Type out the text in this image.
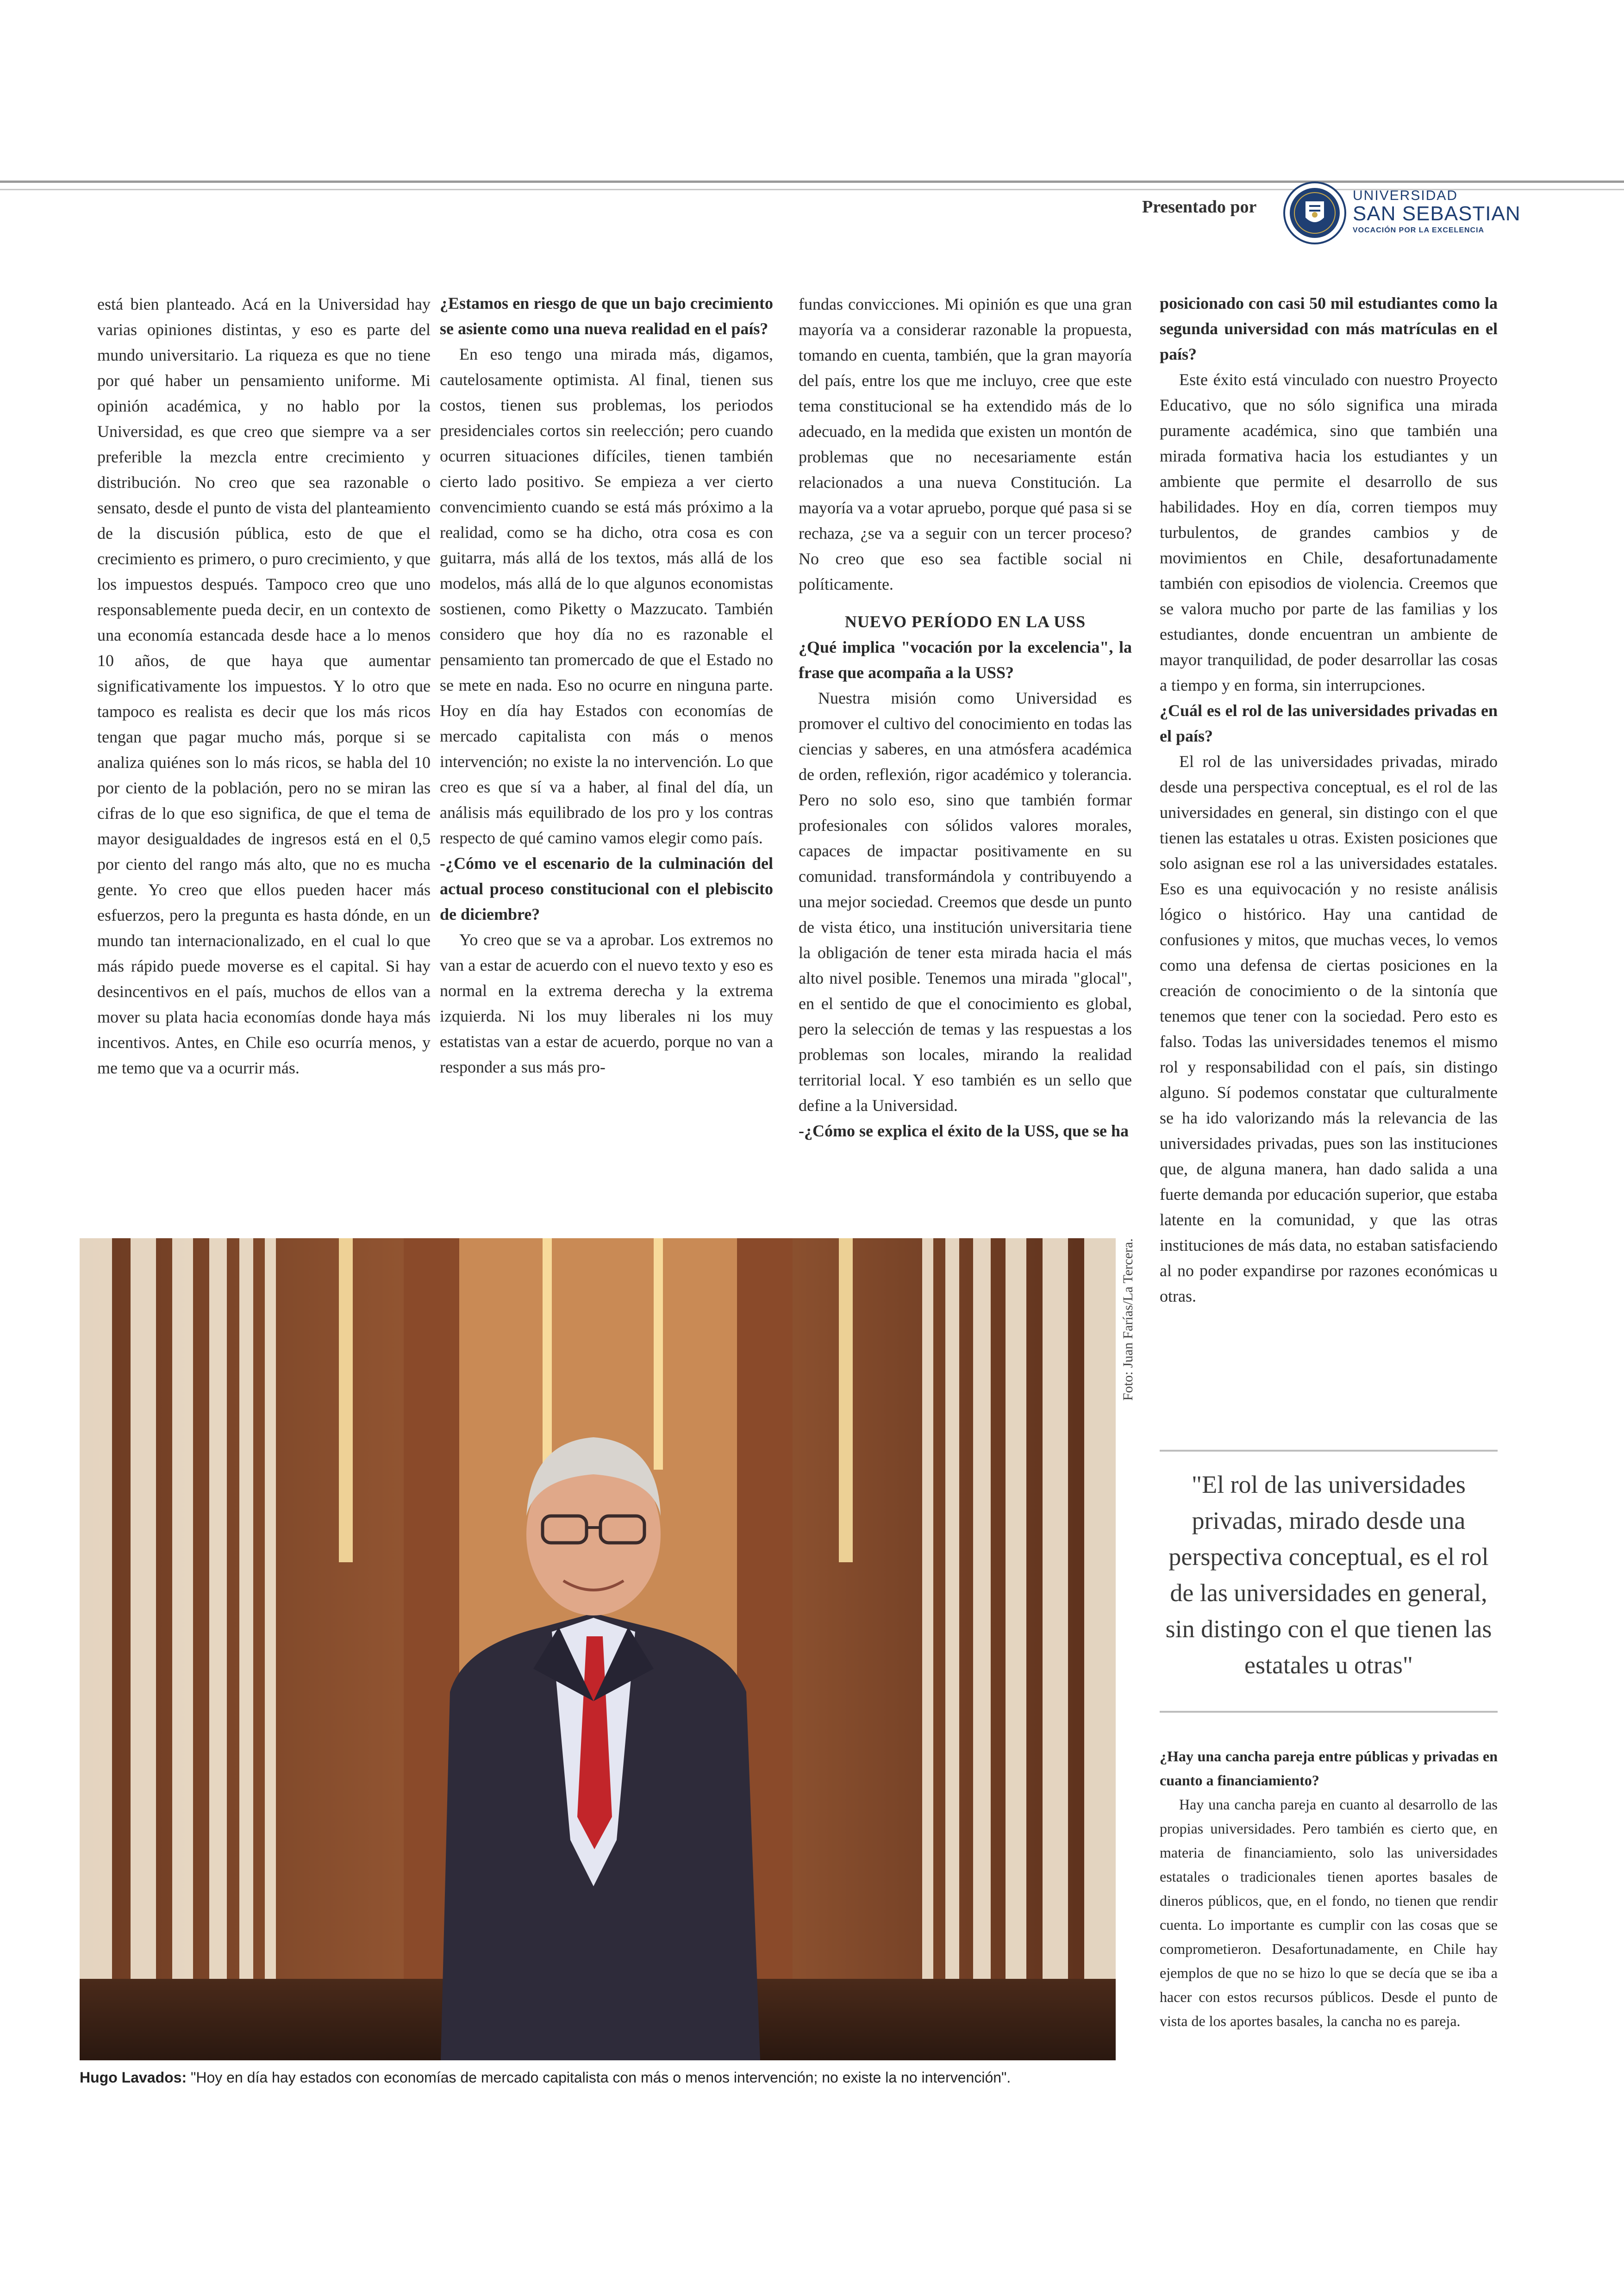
Presentado por
UNIVERSIDAD
SAN SEBASTIAN
VOCACIÓN POR LA EXCELENCIA

está bien planteado. Acá en la Universidad hay varias opiniones distintas, y eso es parte del mundo universitario. La riqueza es que no tiene por qué haber un pensamiento uniforme. Mi opinión académica, y no hablo por la Universidad, es que creo que siempre va a ser preferible la mezcla entre crecimiento y distribución. No creo que sea razonable o sensato, desde el punto de vista del planteamiento de la discusión pública, esto de que el crecimiento es primero, o puro crecimiento, y que los impuestos después. Tampoco creo que uno responsablemente pueda decir, en un contexto de una economía estancada desde hace a lo menos 10 años, de que haya que aumentar significativamente los impuestos. Y lo otro que tampoco es realista es decir que los más ricos tengan que pagar mucho más, porque si se analiza quiénes son lo más ricos, se habla del 10 por ciento de la población, pero no se miran las cifras de lo que eso significa, de que el tema de mayor desigualdades de ingresos está en el 0,5 por ciento del rango más alto, que no es mucha gente. Yo creo que ellos pueden hacer más esfuerzos, pero la pregunta es hasta dónde, en un mundo tan internacionalizado, en el cual lo que más rápido puede moverse es el capital. Si hay desincentivos en el país, muchos de ellos van a mover su plata hacia economías donde haya más incentivos. Antes, en Chile eso ocurría menos, y me temo que va a ocurrir más.

¿Estamos en riesgo de que un bajo crecimiento se asiente como una nueva realidad en el país?

En eso tengo una mirada más, digamos, cautelosamente optimista. Al final, tienen sus costos, tienen sus problemas, los periodos presidenciales cortos sin reelección; pero cuando ocurren situaciones difíciles, tienen también cierto lado positivo. Se empieza a ver cierto convencimiento cuando se está más próximo a la realidad, como se ha dicho, otra cosa es con guitarra, más allá de los textos, más allá de los modelos, más allá de lo que algunos economistas sostienen, como Piketty o Mazzucato. También considero que hoy día no es razonable el pensamiento tan promercado de que el Estado no se mete en nada. Eso no ocurre en ninguna parte. Hoy en día hay Estados con economías de mercado capitalista con más o menos intervención; no existe la no intervención. Lo que creo es que sí va a haber, al final del día, un análisis más equilibrado de los pro y los contras respecto de qué camino vamos elegir como país.

-¿Cómo ve el escenario de la culminación del actual proceso constitucional con el plebiscito de diciembre?

Yo creo que se va a aprobar. Los extremos no van a estar de acuerdo con el nuevo texto y eso es normal en la extrema derecha y la extrema izquierda. Ni los muy liberales ni los muy estatistas van a estar de acuerdo, porque no van a responder a sus más pro-

fundas convicciones. Mi opinión es que una gran mayoría va a considerar razonable la propuesta, tomando en cuenta, también, que la gran mayoría del país, entre los que me incluyo, cree que este tema constitucional se ha extendido más de lo adecuado, en la medida que existen un montón de problemas que no necesariamente están relacionados a una nueva Constitución. La mayoría va a votar apruebo, porque qué pasa si se rechaza, ¿se va a seguir con un tercer proceso? No creo que eso sea factible social ni políticamente.

NUEVO PERÍODO EN LA USS

¿Qué implica "vocación por la excelencia", la frase que acompaña a la USS?

Nuestra misión como Universidad es promover el cultivo del conocimiento en todas las ciencias y saberes, en una atmósfera académica de orden, reflexión, rigor académico y tolerancia. Pero no solo eso, sino que también formar profesionales con sólidos valores morales, capaces de impactar positivamente en su comunidad. transformándola y contribuyendo a una mejor sociedad. Creemos que desde un punto de vista ético, una institución universitaria tiene la obligación de tener esta mirada hacia el más alto nivel posible. Tenemos una mirada "glocal", en el sentido de que el conocimiento es global, pero la selección de temas y las respuestas a los problemas son locales, mirando la realidad territorial local. Y eso también es un sello que define a la Universidad.

-¿Cómo se explica el éxito de la USS, que se ha

posicionado con casi 50 mil estudiantes como la segunda universidad con más matrículas en el país?

Este éxito está vinculado con nuestro Proyecto Educativo, que no sólo significa una mirada puramente académica, sino que también una mirada formativa hacia los estudiantes y un ambiente que permite el desarrollo de sus habilidades. Hoy en día, corren tiempos muy turbulentos, de grandes cambios y de movimientos en Chile, desafortunadamente también con episodios de violencia. Creemos que se valora mucho por parte de las familias y los estudiantes, donde encuentran un ambiente de mayor tranquilidad, de poder desarrollar las cosas a tiempo y en forma, sin interrupciones.

¿Cuál es el rol de las universidades privadas en el país?

El rol de las universidades privadas, mirado desde una perspectiva conceptual, es el rol de las universidades en general, sin distingo con el que tienen las estatales u otras. Existen posiciones que solo asignan ese rol a las universidades estatales. Eso es una equivocación y no resiste análisis lógico o histórico. Hay una cantidad de confusiones y mitos, que muchas veces, lo vemos como una defensa de ciertas posiciones en la creación de conocimiento o de la sintonía que tenemos que tener con la sociedad. Pero esto es falso. Todas las universidades tenemos el mismo rol y responsabilidad con el país, sin distingo alguno. Sí podemos constatar que culturalmente se ha ido valorizando más la relevancia de las universidades privadas, pues son las instituciones que, de alguna manera, han dado salida a una fuerte demanda por educación superior, que estaba latente en la comunidad, y que las otras instituciones de más data, no estaban satisfaciendo al no poder expandirse por razones económicas u otras.

Foto: Juan Farías/La Tercera.
Hugo Lavados: "Hoy en día hay estados con economías de mercado capitalista con más o menos intervención; no existe la no intervención".
"El rol de las universidades privadas, mirado desde una perspectiva conceptual, es el rol de las universidades en general, sin distingo con el que tienen las estatales u otras"

¿Hay una cancha pareja entre públicas y privadas en cuanto a financiamiento?

Hay una cancha pareja en cuanto al desarrollo de las propias universidades. Pero también es cierto que, en materia de financiamiento, solo las universidades estatales o tradicionales tienen aportes basales de dineros públicos, que, en el fondo, no tienen que rendir cuenta. Lo importante es cumplir con las cosas que se comprometieron. Desafortunadamente, en Chile hay ejemplos de que no se hizo lo que se decía que se iba a hacer con estos recursos públicos. Desde el punto de vista de los aportes basales, la cancha no es pareja.
